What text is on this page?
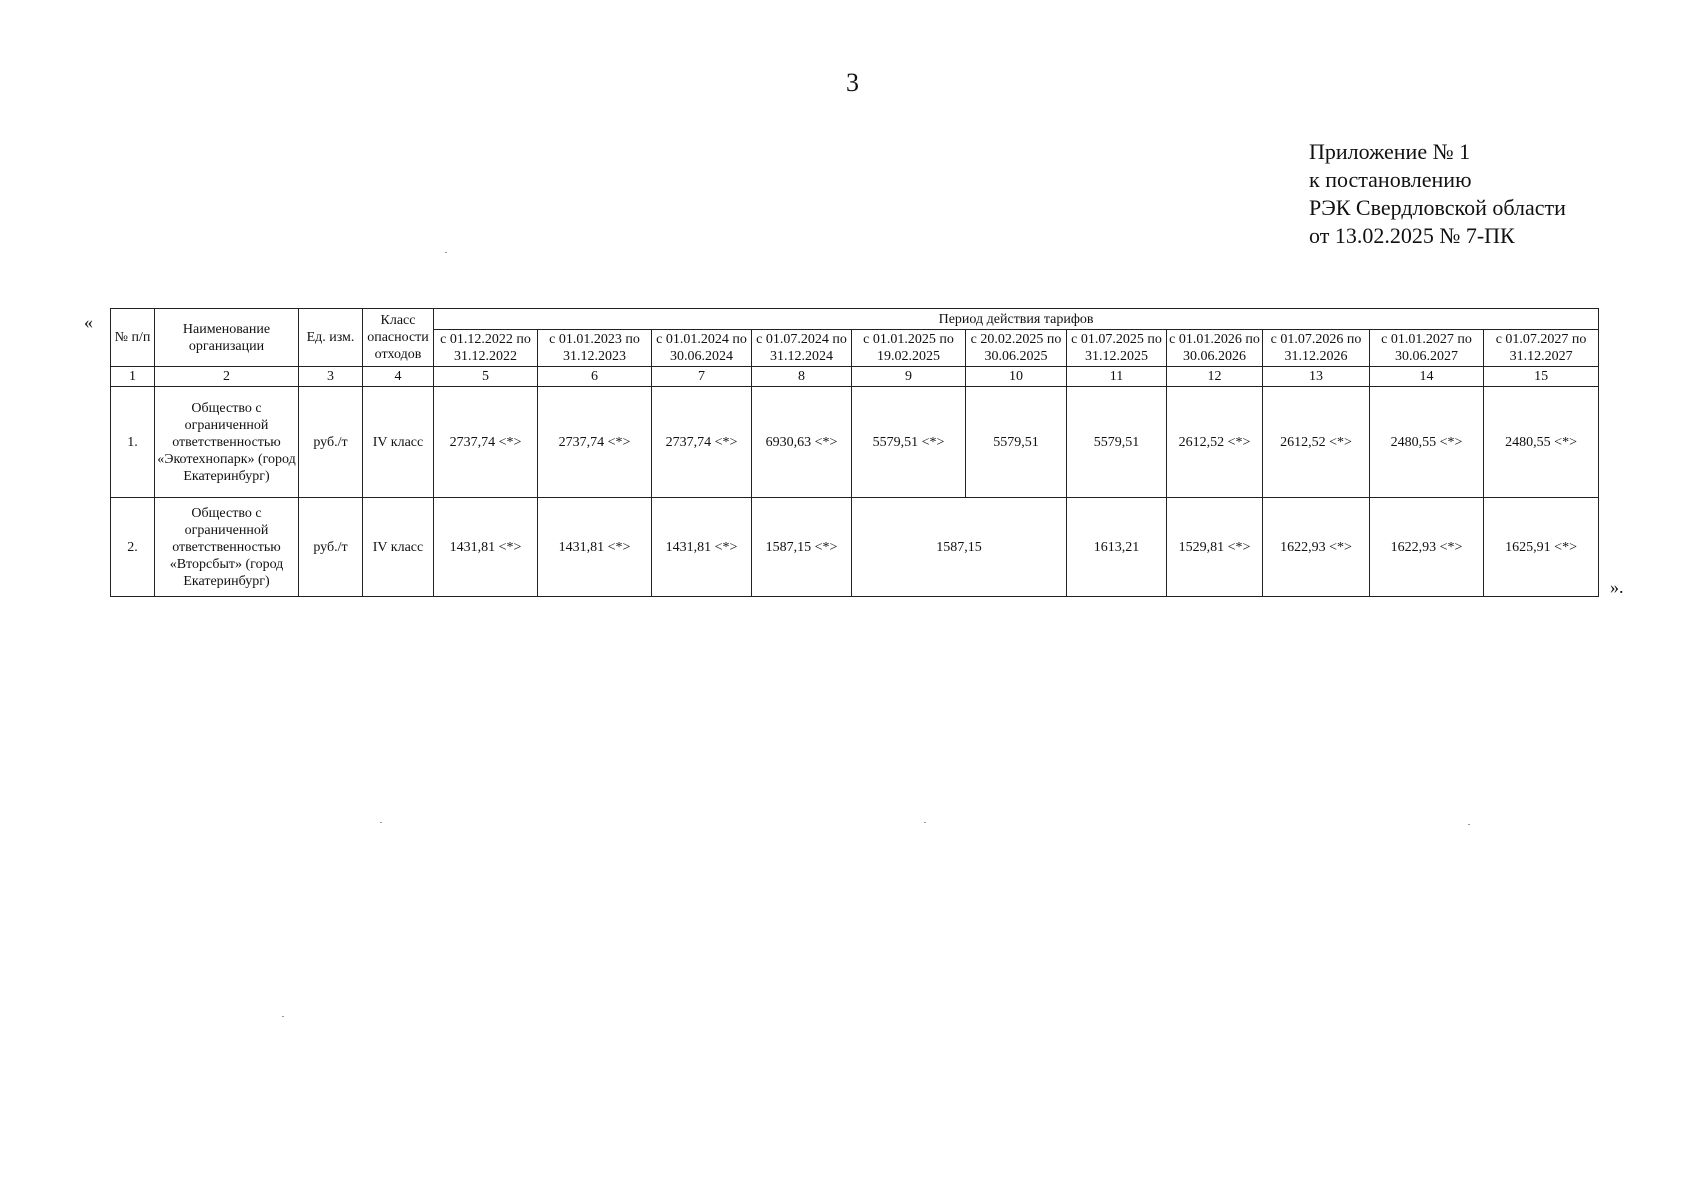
3
Приложение № 1
к постановлению
РЭК Свердловской области
от 13.02.2025 № 7-ПК
«
».
№ п/п	Наименование организации	Ед. изм.	Класс опасности отходов	Период действия тарифов										
				с 01.12.2022 по 31.12.2022	с 01.01.2023 по 31.12.2023	с 01.01.2024 по 30.06.2024	с 01.07.2024 по 31.12.2024	с 01.01.2025 по 19.02.2025	с 20.02.2025 по 30.06.2025	с 01.07.2025 по 31.12.2025	с 01.01.2026 по 30.06.2026	с 01.07.2026 по 31.12.2026	с 01.01.2027 по 30.06.2027	с 01.07.2027 по 31.12.2027
1	2	3	4	5	6	7	8	9	10	11	12	13	14	15
1.	Общество с ограниченной ответственностью «Экотехнопарк» (город Екатеринбург)	руб./т	IV класс	2737,74 <*>	2737,74 <*>	2737,74 <*>	6930,63 <*>	5579,51 <*>	5579,51	5579,51	2612,52 <*>	2612,52 <*>	2480,55 <*>	2480,55 <*>
2.	Общество с ограниченной ответственностью «Вторсбыт» (город Екатеринбург)	руб./т	IV класс	1431,81 <*>	1431,81 <*>	1431,81 <*>	1587,15 <*>	1587,15		1613,21	1529,81 <*>	1622,93 <*>	1622,93 <*>	1625,91 <*>
